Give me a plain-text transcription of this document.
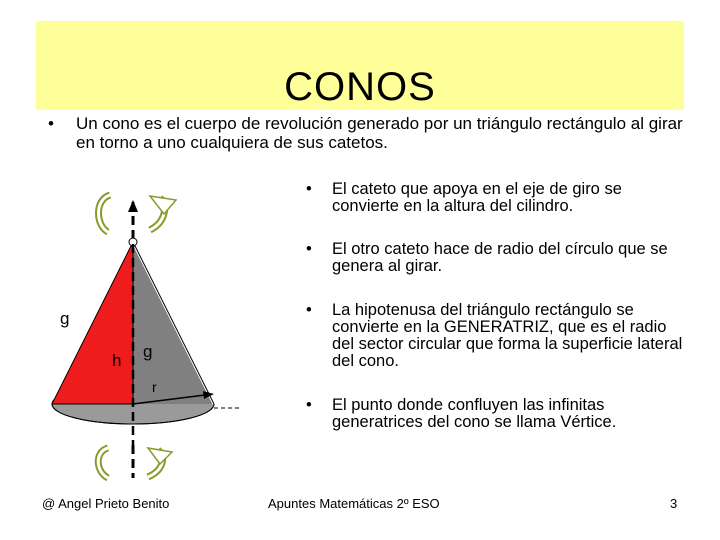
CONOS
• Un cono es el cuerpo de revolución generado por un triángulo rectángulo al girar en torno a uno cualquiera de sus catetos.
• El cateto que apoya en el eje de giro se convierte en la altura del cilindro.
• El otro cateto hace de radio del círculo que se genera al girar.
• La hipotenusa del triángulo rectángulo se convierte en la GENERATRIZ, que es el radio del sector circular que forma la superficie lateral del cono.
• El punto donde confluyen las infinitas generatrices del cono se llama Vértice.
g
h g
r
@ Angel Prieto Benito	Apuntes Matemáticas 2º ESO	3
